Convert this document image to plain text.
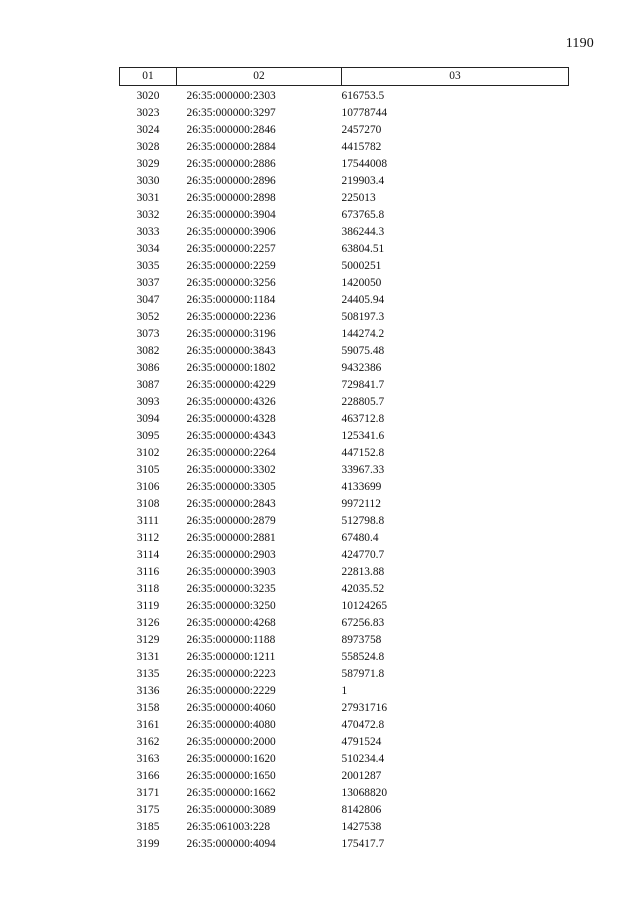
1190
01	02	03
3020	26:35:000000:2303	616753.5
3023	26:35:000000:3297	10778744
3024	26:35:000000:2846	2457270
3028	26:35:000000:2884	4415782
3029	26:35:000000:2886	17544008
3030	26:35:000000:2896	219903.4
3031	26:35:000000:2898	225013
3032	26:35:000000:3904	673765.8
3033	26:35:000000:3906	386244.3
3034	26:35:000000:2257	63804.51
3035	26:35:000000:2259	5000251
3037	26:35:000000:3256	1420050
3047	26:35:000000:1184	24405.94
3052	26:35:000000:2236	508197.3
3073	26:35:000000:3196	144274.2
3082	26:35:000000:3843	59075.48
3086	26:35:000000:1802	9432386
3087	26:35:000000:4229	729841.7
3093	26:35:000000:4326	228805.7
3094	26:35:000000:4328	463712.8
3095	26:35:000000:4343	125341.6
3102	26:35:000000:2264	447152.8
3105	26:35:000000:3302	33967.33
3106	26:35:000000:3305	4133699
3108	26:35:000000:2843	9972112
3111	26:35:000000:2879	512798.8
3112	26:35:000000:2881	67480.4
3114	26:35:000000:2903	424770.7
3116	26:35:000000:3903	22813.88
3118	26:35:000000:3235	42035.52
3119	26:35:000000:3250	10124265
3126	26:35:000000:4268	67256.83
3129	26:35:000000:1188	8973758
3131	26:35:000000:1211	558524.8
3135	26:35:000000:2223	587971.8
3136	26:35:000000:2229	1
3158	26:35:000000:4060	27931716
3161	26:35:000000:4080	470472.8
3162	26:35:000000:2000	4791524
3163	26:35:000000:1620	510234.4
3166	26:35:000000:1650	2001287
3171	26:35:000000:1662	13068820
3175	26:35:000000:3089	8142806
3185	26:35:061003:228	1427538
3199	26:35:000000:4094	175417.7
